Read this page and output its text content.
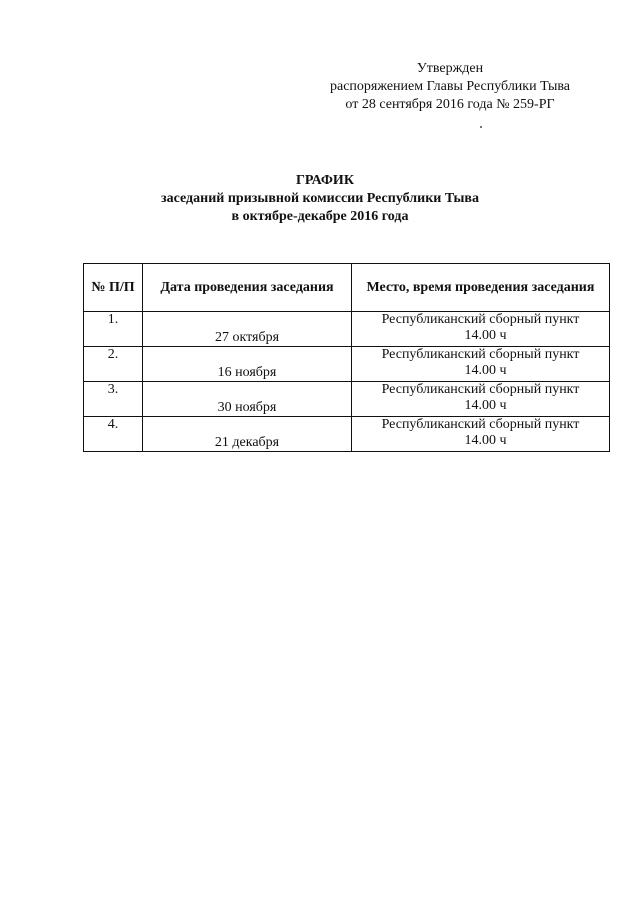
Утвержден
распоряжением Главы Республики Тыва
от 28 сентября 2016 года № 259-РГ
ГРАФИК
заседаний призывной комиссии Республики Тыва
в октябре-декабре 2016 года
№ П/П	Дата проведения заседания	Место, время проведения заседания
1.	27 октября	Республиканский сборный пункт
14.00 ч

2.	16 ноября	Республиканский сборный пункт
14.00 ч

3.	30 ноября	Республиканский сборный пункт
14.00 ч

4.	21 декабря	Республиканский сборный пункт
14.00 ч
